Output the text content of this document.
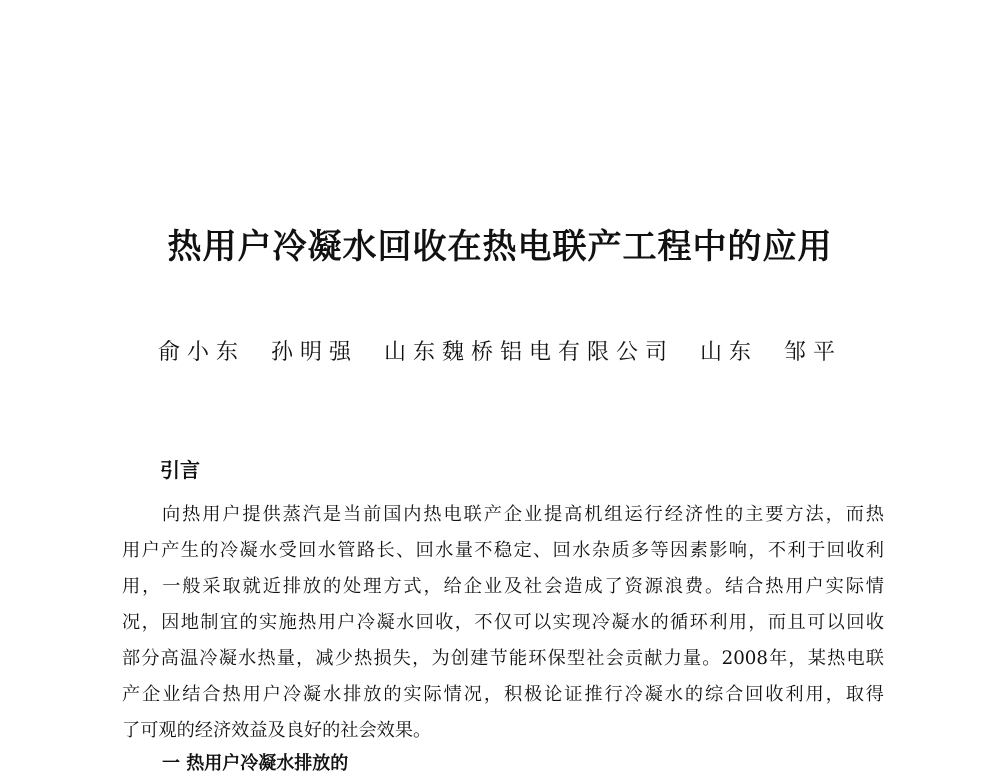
热用户冷凝水回收在热电联产工程中的应用
俞小东 孙明强 山东魏桥铝电有限公司 山东 邹平
引言
向热用户提供蒸汽是当前国内热电联产企业提高机组运行经济性的主要方法，而热
用户产生的冷凝水受回水管路长、回水量不稳定、回水杂质多等因素影响，不利于回收利
用，一般采取就近排放的处理方式，给企业及社会造成了资源浪费。结合热用户实际情
况，因地制宜的实施热用户冷凝水回收，不仅可以实现冷凝水的循环利用，而且可以回收
部分高温冷凝水热量，减少热损失，为创建节能环保型社会贡献力量。2008年，某热电联
产企业结合热用户冷凝水排放的实际情况，积极论证推行冷凝水的综合回收利用，取得
了可观的经济效益及良好的社会效果。
一 热用户冷凝水排放的
